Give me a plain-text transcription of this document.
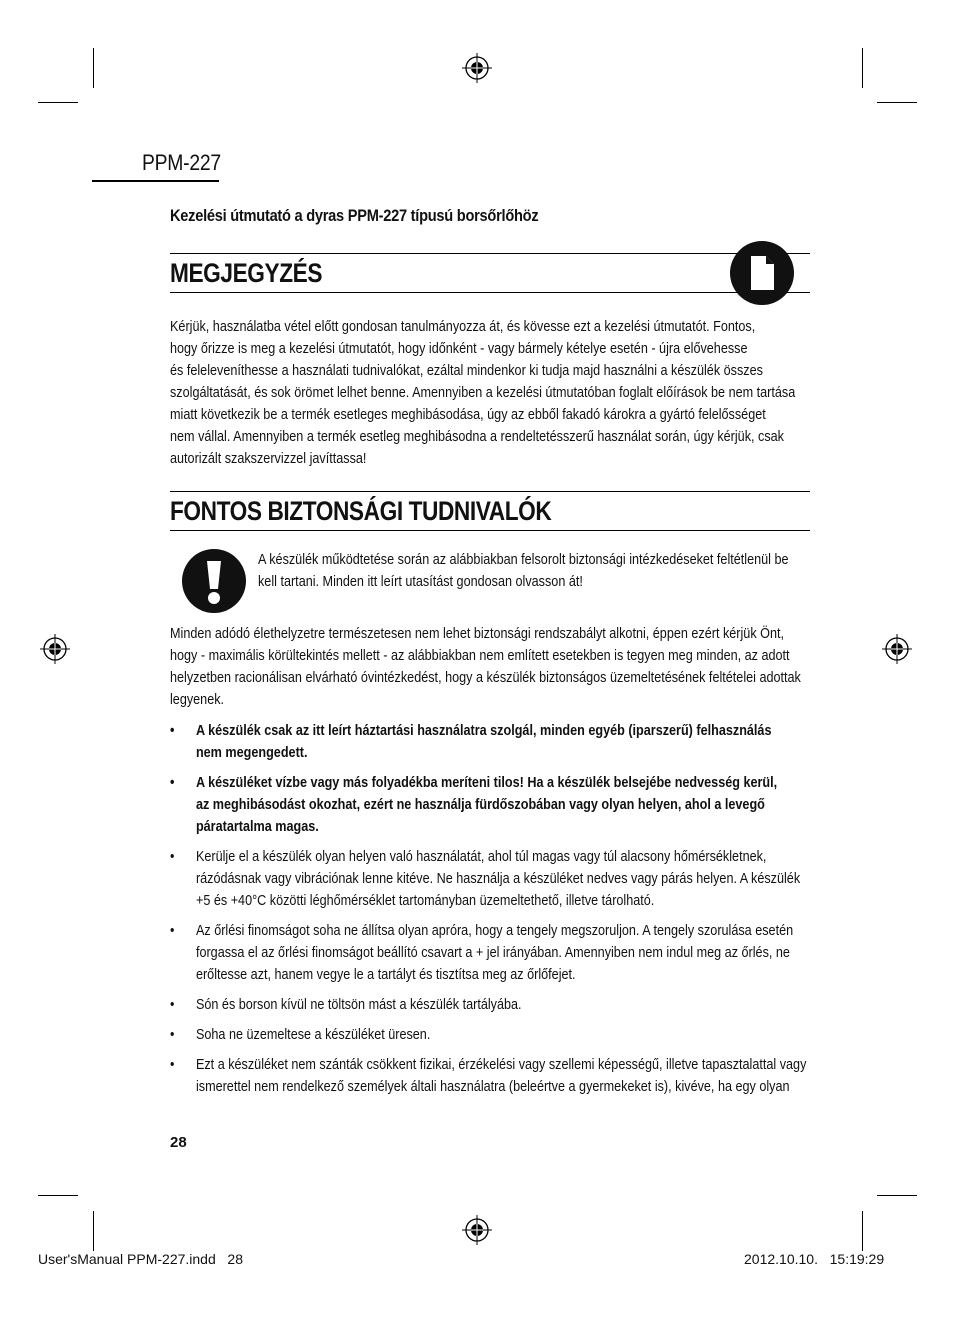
PPM-227
Kezelési útmutató a dyras PPM-227 típusú borsőrlőhöz
MEGJEGYZÉS

Kérjük, használatba vétel előtt gondosan tanulmányozza át, és kövesse ezt a kezelési útmutatót. Fontos,

hogy őrizze is meg a kezelési útmutatót, hogy időnként - vagy bármely kételye esetén - újra elővehesse

és feleleveníthesse a használati tudnivalókat, ezáltal mindenkor ki tudja majd használni a készülék összes

szolgáltatását, és sok örömet lelhet benne. Amennyiben a kezelési útmutatóban foglalt előírások be nem tartása

miatt következik be a termék esetleges meghibásodása, úgy az ebből fakadó károkra a gyártó felelősséget

nem vállal. Amennyiben a termék esetleg meghibásodna a rendeltetésszerű használat során, úgy kérjük, csak

autorizált szakszervizzel javíttassa!

FONTOS BIZTONSÁGI TUDNIVALÓK
A készülék működtetése során az alábbiakban felsorolt biztonsági intézkedéseket feltétlenül be
kell tartani. Minden itt leírt utasítást gondosan olvasson át!

Minden adódó élethelyzetre természetesen nem lehet biztonsági rendszabályt alkotni, éppen ezért kérjük Önt,

hogy - maximális körültekintés mellett - az alábbiakban nem említett esetekben is tegyen meg minden, az adott

helyzetben racionálisan elvárható óvintézkedést, hogy a készülék biztonságos üzemeltetésének feltételei adottak

legyenek.

• A készülék csak az itt leírt háztartási használatra szolgál, minden egyéb (iparszerű) felhasználás
nem megengedett.
• A készüléket vízbe vagy más folyadékba meríteni tilos! Ha a készülék belsejébe nedvesség kerül,
az meghibásodást okozhat, ezért ne használja fürdőszobában vagy olyan helyen, ahol a levegő
páratartalma magas.
• Kerülje el a készülék olyan helyen való használatát, ahol túl magas vagy túl alacsony hőmérsékletnek,
rázódásnak vagy vibrációnak lenne kitéve. Ne használja a készüléket nedves vagy párás helyen. A készülék
+5 és +40°C közötti léghőmérséklet tartományban üzemeltethető, illetve tárolható.
• Az őrlési finomságot soha ne állítsa olyan apróra, hogy a tengely megszoruljon. A tengely szorulása esetén
forgassa el az őrlési finomságot beállító csavart a + jel irányában. Amennyiben nem indul meg az őrlés, ne
erőltesse azt, hanem vegye le a tartályt és tisztítsa meg az őrlőfejet.
• Són és borson kívül ne töltsön mást a készülék tartályába.
• Soha ne üzemeltese a készüléket üresen.
• Ezt a készüléket nem szánták csökkent fizikai, érzékelési vagy szellemi képességű, illetve tapasztalattal vagy
ismerettel nem rendelkező személyek általi használatra (beleértve a gyermekeket is), kivéve, ha egy olyan
28
User'sManual PPM-227.indd   28	2012.10.10.   15:19:29
